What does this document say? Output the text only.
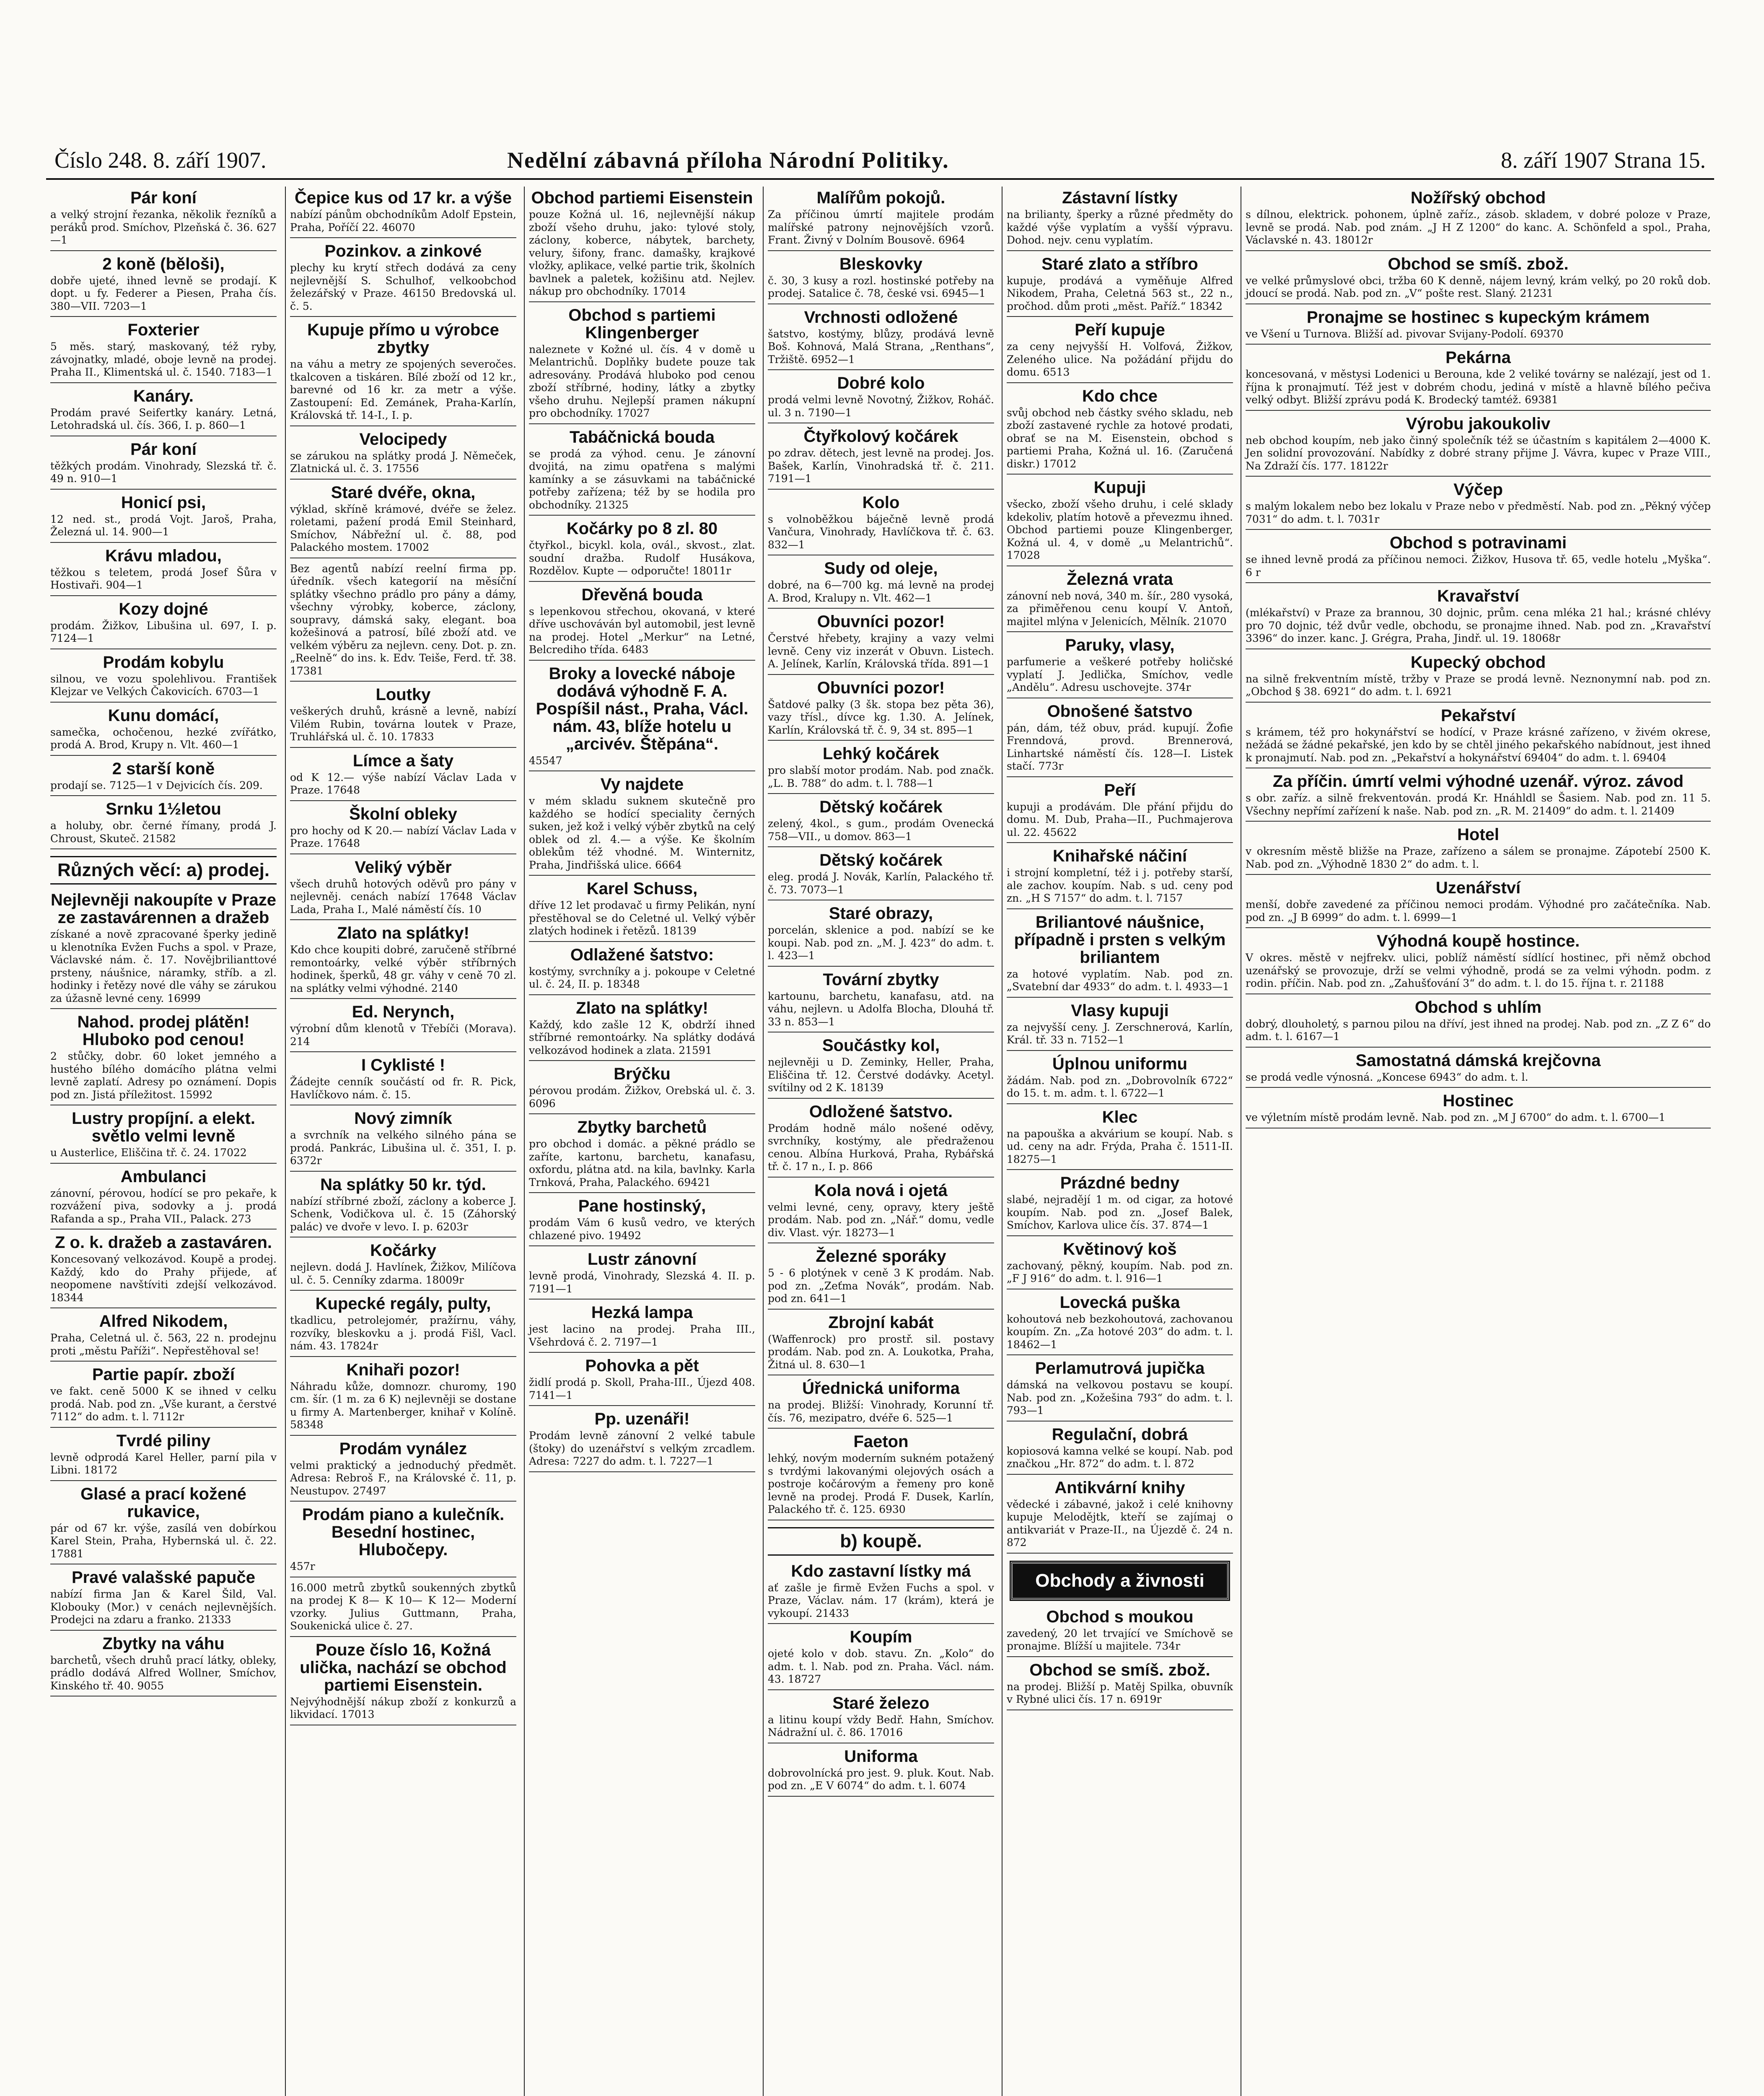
Číslo 248. 8. září 1907.	Nedělní zábavná příloha Národní Politiky.	8. září 1907 Strana 15.
Pár koní

a velký strojní řezanka, několik řezníků a peráků prod. Smíchov, Plzeňská č. 36. 627—1

2 koně (běloši),

dobře ujeté, ihned levně se prodají. K dopt. u fy. Federer a Piesen, Praha čís. 380—VII. 7203—1

Foxterier

5 měs. starý, maskovaný, též ryby, závojnatky, mladé, oboje levně na prodej. Praha II., Klimentská ul. č. 1540. 7183—1

Kanáry.

Prodám pravé Seifertky kanáry. Letná, Letohradská ul. čís. 366, I. p. 860—1

Pár koní

těžkých prodám. Vinohrady, Slezská tř. č. 49 n. 910—1

Honicí psi,

12 ned. st., prodá Vojt. Jaroš, Praha, Železná ul. 14. 900—1

Krávu mladou,

těžkou s teletem, prodá Josef Šůra v Hostivaři. 904—1

Kozy dojné

prodám. Žižkov, Libušina ul. 697, I. p. 7124—1

Prodám kobylu

silnou, ve vozu spolehlivou. František Klejzar ve Velkých Čakovicích. 6703—1

Kunu domácí,

samečka, ochočenou, hezké zvířátko, prodá A. Brod, Krupy n. Vlt. 460—1

2 starší koně

prodají se. 7125—1 v Dejvicích čís. 209.

Srnku 1½letou

a holuby, obr. černé římany, prodá J. Chroust, Skuteč. 21582

Různých věcí: a) prodej.
Nejlevněji nakoupíte v Praze ze zastavárennen a dražeb

získané a nově zpracované šperky jedině u klenotníka Evžen Fuchs a spol. v Praze, Václavské nám. č. 17. Novějbrilianttové prsteny, náušnice, náramky, stříb. a zl. hodinky i řetězy nové dle váhy se zárukou za úžasně levné ceny. 16999

Nahod. prodej plátěn! Hluboko pod cenou!

2 stůčky, dobr. 60 loket jemného a hustého bílého domácího plátna velmi levně zaplatí. Adresy po oznámení. Dopis pod zn. Jistá příležitost. 15992

Lustry propíjní. a elekt. světlo velmi levně

u Austerlice, Eliščina tř. č. 24. 17022

Ambulanci

zánovní, pérovou, hodící se pro pekaře, k rozvážení piva, sodovky a j. prodá Rafanda a sp., Praha VII., Palack. 273

Z o. k. dražeb a zastaváren.

Koncesovaný velkozávod. Koupě a prodej. Každý, kdo do Prahy přijede, ať neopomene navštíviti zdejší velkozávod. 18344

Alfred Nikodem,

Praha, Celetná ul. č. 563, 22 n. prodejnu proti „městu Paříži“. Nepřestěhoval se!

Partie papír. zboží

ve fakt. ceně 5000 K se ihned v celku prodá. Nab. pod zn. „Vše kurant, a čerstvé 7112“ do adm. t. l. 7112r

Tvrdé piliny

levně odprodá Karel Heller, parní pila v Libni. 18172

Glasé a prací kožené rukavice,

pár od 67 kr. výše, zasílá ven dobírkou Karel Stein, Praha, Hybernská ul. č. 22. 17881

Pravé valašské papuče

nabízí firma Jan & Karel Šild, Val. Klobouky (Mor.) v cenách nejlevnějších. Prodejci na zdaru a franko. 21333

Zbytky na váhu

barchetů, všech druhů prací látky, obleky, prádlo dodává Alfred Wollner, Smíchov, Kinského tř. 40. 9055

Čepice kus od 17 kr. a výše

nabízí pánům obchodníkům Adolf Epstein, Praha, Poříčí 22. 46070

Pozinkov. a zinkové

plechy ku krytí střech dodává za ceny nejlevnější S. Schulhof, velkoobchod železářský v Praze. 46150 Bredovská ul. č. 5.

Kupuje přímo u výrobce zbytky

na váhu a metry ze spojených severočes. tkalcoven a tiskáren. Bílé zboží od 12 kr., barevné od 16 kr. za metr a výše. Zastoupení: Ed. Zemánek, Praha-Karlín, Královská tř. 14-I., I. p.

Velocipedy

se zárukou na splátky prodá J. Němeček, Zlatnická ul. č. 3. 17556

Staré dvéře, okna,

výklad, skříně krámové, dvéře se želez. roletami, pažení prodá Emil Steinhard, Smíchov, Nábřežní ul. č. 88, pod Palackého mostem. 17002

Bez agentů nabízí reelní firma pp. úředník. všech kategorií na měsíční splátky všechno prádlo pro pány a dámy, všechny výrobky, kobercе, záclony, soupravy, dámská saky, elegant. boa kožešinová a patrosí, bílé zboží atd. ve velkém výběru za nejlevn. ceny. Dot. p. zn. „Reelně“ do ins. k. Edv. Teiše, Ferd. tř. 38. 17381

Loutky

veškerých druhů, krásně a levně, nabízí Vilém Rubin, továrna loutek v Praze, Truhlářská ul. č. 10. 17833

Límce a šaty

od K 12.— výše nabízí Václav Lada v Praze. 17648

Školní obleky

pro hochy od K 20.— nabízí Václav Lada v Praze. 17648

Veliký výběr

všech druhů hotových oděvů pro pány v nejlevněj. cenách nabízí 17648 Václav Lada, Praha I., Malé náměstí čís. 10

Zlato na splátky!

Kdo chce koupiti dobré, zaručeně stříbrné remontoárky, velké výběr stříbrných hodinek, šperků, 48 gr. váhy v ceně 70 zl. na splátky velmi výhodné. 2140

Ed. Nerynch,

výrobní dům klenotů v Třebíči (Morava). 214

I Cyklisté !

Žádejte cenník součástí od fr. R. Pick, Havlíčkovo nám. č. 15.

Nový zimník

a svrchník na velkého silného pána se prodá. Pankrác, Libušina ul. č. 351, I. p. 6372r

Na splátky 50 kr. týd.

nabízí stříbrné zboží, záclony a koberce J. Schenk, Vodičkova ul. č. 15 (Záhorský palác) ve dvoře v levo. I. p. 6203r

Kočárky

nejlevn. dodá J. Havlínek, Žižkov, Milíčova ul. č. 5. Cenníky zdarma. 18009r

Kupecké regály, pulty,

tkadlicu, petrolejomér, pražírnu, váhy, rozvíky, bleskovku a j. prodá Fišl, Vacl. nám. 43. 17824r

Knihaři pozor!

Náhradu kůže, domnozr. churomy, 190 cm. šír. (1 m. za 6 K) nejlevněji se dostane u firmy A. Martenberger, knihař v Kolíně. 58348

Prodám vynález

velmi praktický a jednoduchý předmět. Adresa: Rebroš F., na Královské č. 11, p. Neustupov. 27497

Prodám piano a kulečník. Besední hostinec, Hlubočepy.

457r

16.000 metrů zbytků soukenných zbytků na prodej K 8— K 10— K 12— Moderní vzorky. Julius Guttmann, Praha, Soukenická ulice č. 27.

Pouze číslo 16, Kožná ulička, nachází se obchod partiemi Eisenstein.

Nejvýhodnější nákup zboží z konkurzů a likvidací. 17013

Obchod partiemi Eisenstein

pouze Kožná ul. 16, nejlevnější nákup zboží všeho druhu, jako: tylové stoly, záclony, koberce, nábytek, barchety, velury, šifony, franc. damašky, krajkové vložky, aplikace, velké partie trik, školních bavlnek a paletek, kožišinu atd. Nejlev. nákup pro obchodníky. 17014

Obchod s partiemi Klingenberger

naleznete v Kožné ul. čís. 4 v domě u Melantrichů. Doplňky budete pouze tak adresovány. Prodává hluboko pod cenou zboží stříbrné, hodiny, látky a zbytky všeho druhu. Nejlepší pramen nákupní pro obchodníky. 17027

Tabáčnická bouda

se prodá za výhod. cenu. Je zánovní dvojitá, na zimu opatřena s malými kamínky a se zásuvkami na tabáčnické potřeby zařízena; též by se hodila pro obchodníky. 21325

Kočárky po 8 zl. 80

čtyřkol., bicykl. kola, ovál., skvost., zlat. soudní dražba. Rudolf Husákova, Rozdělov. Kupte — odporučte! 18011r

Dřevěná bouda

s lepenkovou střechou, okovaná, v které dříve uschováván byl automobil, jest levně na prodej. Hotel „Merkur“ na Letné, Belcrediho třída. 6483

Broky a lovecké náboje dodává výhodně F. A. Pospíšil nást., Praha, Václ. nám. 43, blíže hotelu u „arcivév. Štěpána“.

45547

Vy najdete

v mém skladu suknem skutečně pro každého se hodící speciality černých suken, jež kož i velký výběr zbytků na celý oblek od zl. 4.— a výše. Ke školním oblekům též vhodné. M. Winternitz, Praha, Jindřišská ulice. 6664

Karel Schuss,

dříve 12 let prodavač u firmy Pelikán, nyní přestěhoval se do Celetné ul. Velký výběr zlatých hodinek i řetězů. 18139

Odlažené šatstvo:

kostýmy, svrchníky a j. pokoupe v Celetné ul. č. 24, II. p. 18348

Zlato na splátky!

Každý, kdo zašle 12 K, obdrží ihned stříbrné remontoárky. Na splátky dodává velkozávod hodinek a zlata. 21591

Brýčku

pérovou prodám. Žižkov, Orebská ul. č. 3. 6096

Zbytky barchetů

pro obchod i domác. a pěkné prádlo se zaříte, kartonu, barchetu, kanafasu, oxfordu, plátna atd. na kila, bavlnky. Karla Trnková, Praha, Palackého. 69421

Pane hostinský,

prodám Vám 6 kusů vedro, ve kterých chlazené pivo. 19492

Lustr zánovní

levně prodá, Vinohrady, Slezská 4. II. p. 7191—1

Hezká lampa

jest lacino na prodej. Praha III., Všehrdová č. 2. 7197—1

Pohovka a pět

židlí prodá p. Skoll, Praha-III., Újezd 408. 7141—1

Pp. uzenáři!

Prodám levně zánovní 2 velké tabule (štoky) do uzenářství s velkým zrcadlem. Adresa: 7227 do adm. t. l. 7227—1

Malířům pokojů.

Za příčinou úmrtí majitele prodám malířské patrony nejnovějších vzorů. Frant. Živný v Dolním Bousově. 6964

Bleskovky

č. 30, 3 kusy a rozl. hostinské potřeby na prodej. Satalice č. 78, české vsi. 6945—1

Vrchnosti odložené

šatstvo, kostýmy, blůzy, prodává levně Boš. Kohnová, Malá Strana, „Renthans“, Tržiště. 6952—1

Dobré kolo

prodá velmi levně Novotný, Žižkov, Roháč. ul. 3 n. 7190—1

Čtyřkolový kočárek

po zdrav. dětech, jest levně na prodej. Jos. Bašek, Karlín, Vinohradská tř. č. 211. 7191—1

Kolo

s volnoběžkou báječně levně prodá Vančura, Vinohrady, Havlíčkova tř. č. 63. 832—1

Sudy od oleje,

dobré, na 6—700 kg. má levně na prodej A. Brod, Kralupy n. Vlt. 462—1

Obuvníci pozor!

Čerstvé hřebety, krajiny a vazy velmi levně. Ceny viz inzerát v Obuvn. Listech. A. Jelínek, Karlín, Královská třída. 891—1

Obuvníci pozor!

Šatdové palky (3 šk. stopa bez pěta 36), vazy třísl., dívce kg. 1.30. A. Jelínek, Karlín, Královská tř. č. 9, 34 st. 895—1

Lehký kočárek

pro slabší motor prodám. Nab. pod značk. „L. B. 788“ do adm. t. l. 788—1

Dětský kočárek

zelený, 4kol., s gum., prodám Ovenecká 758—VII., u domov. 863—1

Dětský kočárek

eleg. prodá J. Novák, Karlín, Palackého tř. č. 73. 7073—1

Staré obrazy,

porcelán, sklenice a pod. nabízí se ke koupi. Nab. pod zn. „M. J. 423“ do adm. t. l. 423—1

Tovární zbytky

kartounu, barchetu, kanafasu, atd. na váhu, nejlevn. u Adolfa Blocha, Dlouhá tř. 33 n. 853—1

Součástky kol,

nejlevněji u D. Zeminky, Heller, Praha, Eliščina tř. 12. Čerstvé dodávky. Acetyl. svítilny od 2 K. 18139

Odložené šatstvo.

Prodám hodně málo nošené oděvy, svrchníky, kostýmy, ale předraženou cenou. Albína Hurková, Praha, Rybářská tř. č. 17 n., I. p. 866

Kola nová i ojetá

velmi levné, ceny, opravy, ktery ještě prodám. Nab. pod zn. „Nář.“ domu, vedle div. Vlast. výr. 18273—1

Železné sporáky

5 - 6 plotýnek v ceně 3 K prodám. Nab. pod zn. „Zeťma Novák“, prodám. Nab. pod zn. 641—1

Zbrojní kabát

(Waffenrock) pro prostř. sil. postavy prodám. Nab. pod zn. A. Loukotka, Praha, Žitná ul. 8. 630—1

Úřednická uniforma

na prodej. Bližší: Vinohrady, Korunní tř. čís. 76, mezipatro, dvéře 6. 525—1

Faeton

lehký, novým moderním sukném potažený s tvrdými lakovanými olejových osách a postroje kočárovým a řemeny pro koně levně na prodej. Prodá F. Dusek, Karlín, Palackého tř. č. 125. 6930

b) koupě.
Kdo zastavní lístky má

ať zašle je firmě Evžen Fuchs a spol. v Praze, Václav. nám. 17 (krám), která je vykoupí. 21433

Koupím

ojeté kolo v dob. stavu. Zn. „Kolo“ do adm. t. l. Nab. pod zn. Praha. Václ. nám. 43. 18727

Staré železo

a litinu koupí vždy Bedř. Hahn, Smíchov. Nádražní ul. č. 86. 17016

Uniforma

dobrovolnícká pro jest. 9. pluk. Kout. Nab. pod zn. „E V 6074“ do adm. t. l. 6074

Zástavní lístky

na brilianty, šperky a různé předměty do každé výše vyplatím a vyšší výpravu. Dohod. nejv. cenu vyplatím.

Staré zlato a stříbro

kupuje, prodává a vyměňuje Alfred Nikodem, Praha, Celetná 563 st., 22 n., pročhod. dům proti „měst. Paříž.“ 18342

Peří kupuje

za ceny nejvyšší H. Volfová, Žižkov, Zeleného ulice. Na požádání přijdu do domu. 6513

Kdo chce

svůj obchod neb částky svého skladu, neb zboží zastavené rychle za hotové prodati, obrať se na M. Eisenstein, obchod s partiemi Praha, Kožná ul. 16. (Zaručená diskr.) 17012

Kupuji

všecko, zboží všeho druhu, i celé sklady kdekoliv, platím hotově a převezmu ihned. Obchod partiemi pouze Klingenberger, Kožná ul. 4, v domě „u Melantrichů“. 17028

Železná vrata

zánovní neb nová, 340 m. šír., 280 vysoká, za přiměřenou cenu koupí V. Antoň, majitel mlýna v Jelenicích, Mělník. 21070

Paruky, vlasy,

parfumerie a veškeré potřeby holičské vyplatí J. Jedlička, Smíchov, vedle „Andělu“. Adresu uschovejte. 374r

Obnošené šatstvo

pán, dám, též obuv, prád. kupují. Žofie Frenndová, provd. Brennerová, Linhartské náměstí čís. 128—I. Listek stačí. 773r

Peří

kupuji a prodávám. Dle přání přijdu do domu. M. Dub, Praha—II., Puchmajerova ul. 22. 45622

Knihařské náčiní

i strojní kompletní, též i j. potřeby starší, ale zachov. koupím. Nab. s ud. ceny pod zn. „H S 7157“ do adm. t. l. 7157

Briliantové náušnice, případně i prsten s velkým briliantem

za hotové vyplatím. Nab. pod zn. „Svatební dar 4933“ do adm. t. l. 4933—1

Vlasy kupuji

za nejvyšší ceny. J. Zerschnerová, Karlín, Král. tř. 33 n. 7152—1

Úplnou uniformu

žádám. Nab. pod zn. „Dobrovolník 6722“ do 15. t. m. adm. t. l. 6722—1

Klec

na papouška a akvárium se koupí. Nab. s ud. ceny na adr. Frýda, Praha č. 1511-II. 18275—1

Prázdné bedny

slabé, nejradějí 1 m. od cigar, za hotové koupím. Nab. pod zn. „Josef Balek, Smíchov, Karlova ulice čís. 37. 874—1

Květinový koš

zachovaný, pěkný, koupím. Nab. pod zn. „F J 916“ do adm. t. l. 916—1

Lovecká puška

kohoutová neb bezkohoutová, zachovanou koupím. Zn. „Za hotové 203“ do adm. t. l. 18462—1

Perlamutrová jupička

dámská na velkovou postavu se koupí. Nab. pod zn. „Kožešina 793“ do adm. t. l. 793—1

Regulační, dobrá

kopiosová kamna velké se koupí. Nab. pod značkou „Hr. 872“ do adm. t. l. 872

Antikvární knihy

vědecké i zábavné, jakož i celé knihovny kupuje Melodějtk, kteří se zajímaj o antikvariát v Praze-II., na Újezdě č. 24 n. 872

Obchody a živnosti
Obchod s moukou

zavedený, 20 let trvající ve Smíchově se pronajme. Blížší u majitele. 734r

Obchod se smíš. zbož.

na prodej. Bližší p. Matěj Spilka, obuvník v Rybné ulici čís. 17 n. 6919r

Nožířský obchod

s dílnou, elektrick. pohonem, úplně zaříz., zásob. skladem, v dobré poloze v Praze, levně se prodá. Nab. pod znám. „J H Z 1200“ do kanc. A. Schönfeld a spol., Praha, Václavské n. 43. 18012r

Obchod se smíš. zbož.

ve velké průmyslové obci, tržba 60 K denně, nájem levný, krám velký, po 20 roků dob. jdoucí se prodá. Nab. pod zn. „V“ pošte rest. Slaný. 21231

Pronajme se hostinec s kupeckým krámem

ve Všení u Turnova. Bližší ad. pivovar Svijany-Podolí. 69370

Pekárna

koncesovaná, v městysi Lodenici u Berouna, kde 2 veliké továrny se nalézají, jest od 1. října k pronajmutí. Též jest v dobrém chodu, jediná v místě a hlavně bílého pečiva velký odbyt. Bližší zprávu podá K. Brodecký tamtéž. 69381

Výrobu jakoukoliv

neb obchod koupím, neb jako činný společník též se účastním s kapitálem 2—4000 K. Jen solidní provozování. Nabídky z dobré strany přijme J. Vávra, kupec v Praze VIII., Na Zdraží čís. 177. 18122r

Výčep

s malým lokalem nebo bez lokalu v Praze nebo v předměstí. Nab. pod zn. „Pěkný výčep 7031“ do adm. t. l. 7031r

Obchod s potravinami

se ihned levně prodá za příčinou nemoci. Žižkov, Husova tř. 65, vedle hotelu „Myška“. 6 r

Kravařství

(mlékařství) v Praze za brannou, 30 dojnic, prům. cena mléka 21 hal.; krásné chlévy pro 70 dojnic, též dvůr vedle, obchodu, se pronajme ihned. Nab. pod zn. „Kravařství 3396“ do inzer. kanc. J. Grégra, Praha, Jindř. ul. 19. 18068r

Kupecký obchod

na silně frekventním místě, tržby v Praze se prodá levně. Neznonymní nab. pod zn. „Obchod § 38. 6921“ do adm. t. l. 6921

Pekařství

s krámem, též pro hokynářství se hodící, v Praze krásné zařízeno, v živém okrese, nežádá se žádné pekařské, jen kdo by se chtěl jiného pekařského nabídnout, jest ihned k pronajmutí. Nab. pod zn. „Pekařství a hokynářství 69404“ do adm. t. l. 69404

Za příčin. úmrtí velmi výhodné uzenář. výroz. závod

s obr. zaříz. a silně frekventován. prodá Kr. Hnáhldl se Šasiem. Nab. pod zn. 11 5. Všechny nepřímí zařízení k naše. Nab. pod zn. „R. M. 21409“ do adm. t. l. 21409

Hotel

v okresním městě bližše na Praze, zařízeno a sálem se pronajme. Zápotebí 2500 K. Nab. pod zn. „Výhodně 1830 2“ do adm. t. l.

Uzenářství

menší, dobře zavedené za příčinou nemoci prodám. Výhodné pro začátečníka. Nab. pod zn. „J B 6999“ do adm. t. l. 6999—1

Výhodná koupě hostince.

V okres. městě v nejfrekv. ulici, poblíž náměstí sídlící hostinec, při němž obchod uzenářský se provozuje, drží se velmi výhodně, prodá se za velmi výhodn. podm. z rodin. příčin. Nab. pod zn. „Zahušťování 3“ do adm. t. l. do 15. října t. r. 21188

Obchod s uhlím

dobrý, dlouholetý, s parnou pilou na dříví, jest ihned na prodej. Nab. pod zn. „Z Z 6“ do adm. t. l. 6167—1

Samostatná dámská krejčovna

se prodá vedle výnosná. „Koncese 6943“ do adm. t. l.

Hostinec

ve výletním místě prodám levně. Nab. pod zn. „M J 6700“ do adm. t. l. 6700—1
